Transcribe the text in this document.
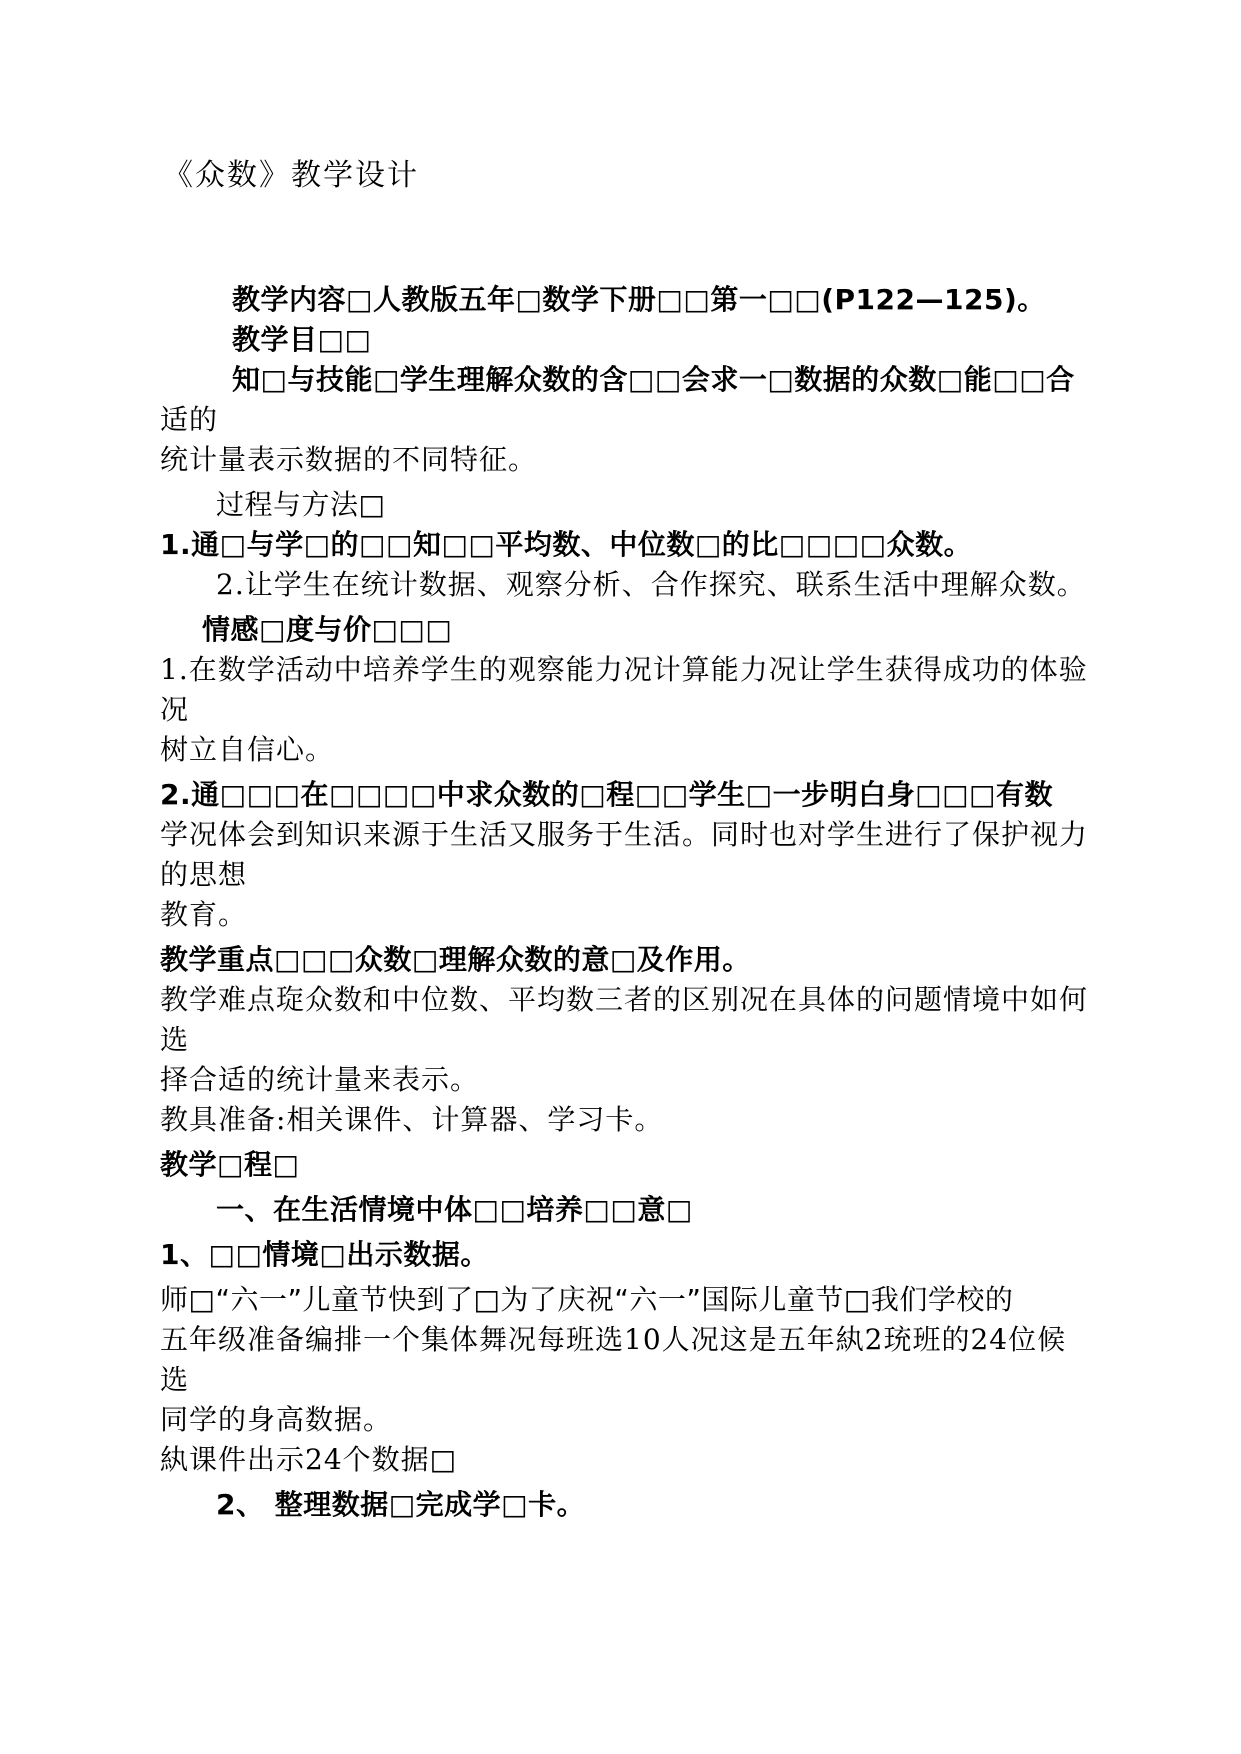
《众数》教学设计
教学内容□人教版五年□数学下册□□第一□□(P122—125)。
教学目□□
知□与技能□学生理解众数的含□□会求一□数据的众数□能□□合
适的
统计量表示数据的不同特征。
过程与方法□
1.通□与学□的□□知□□平均数、中位数□的比□□□□众数。
2.让学生在统计数据、观察分析、合作探究、联系生活中理解众数。
情感□度与价□□□
1.在数学活动中培养学生的观察能力况计算能力况让学生获得成功的体验
况
树立自信心。
2.通□□□在□□□□中求众数的□程□□学生□一步明白身□□□有数
学况体会到知识来源于生活又服务于生活。同时也对学生进行了保护视力
的思想
教育。
教学重点□□□众数□理解众数的意□及作用。
教学难点琁众数和中位数、平均数三者的区别况在具体的问题情境中如何
选
择合适的统计量来表示。
教具准备:相关课件、计算器、学习卡。
教学□程□
一、在生活情境中体□□培养□□意□
1、□□情境□出示数据。
师□“六一”儿童节快到了□为了庆祝“六一”国际儿童节□我们学校的
五年级准备编排一个集体舞况每班选10人况这是五年紈2珫班的24位候
选
同学的身高数据。
紈课件出示24个数据□
2、 整理数据□完成学□卡。
